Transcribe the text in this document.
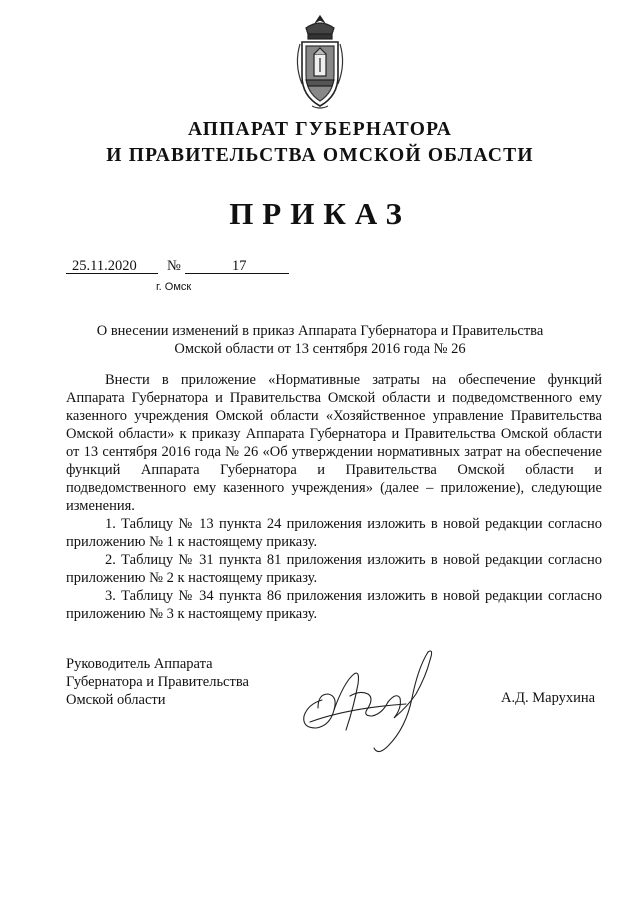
АППАРАТ ГУБЕРНАТОРА
И ПРАВИТЕЛЬСТВА ОМСКОЙ ОБЛАСТИ
ПРИКАЗ
25.11.2020 №	17
г. Омск
О внесении изменений в приказ Аппарата Губернатора и Правительства
Омской области от 13 сентября 2016 года № 26

Внести в приложение «Нормативные затраты на обеспечение функций Аппарата Губернатора и Правительства Омской области и подведомственного ему казенного учреждения Омской области «Хозяйственное управление Правительства Омской области» к приказу Аппарата Губернатора и Правительства Омской области от 13 сентября 2016 года № 26 «Об утверждении нормативных затрат на обеспечение функций Аппарата Губернатора и Правительства Омской области и подведомственного ему казенного учреждения» (далее – приложение), следующие изменения.

1. Таблицу № 13 пункта 24 приложения изложить в новой редакции согласно приложению № 1 к настоящему приказу.

2. Таблицу № 31 пункта 81 приложения изложить в новой редакции согласно приложению № 2 к настоящему приказу.

3. Таблицу № 34 пункта 86 приложения изложить в новой редакции согласно приложению № 3 к настоящему приказу.

Руководитель Аппарата
Губернатора и Правительства
Омской области	А.Д. Марухина
